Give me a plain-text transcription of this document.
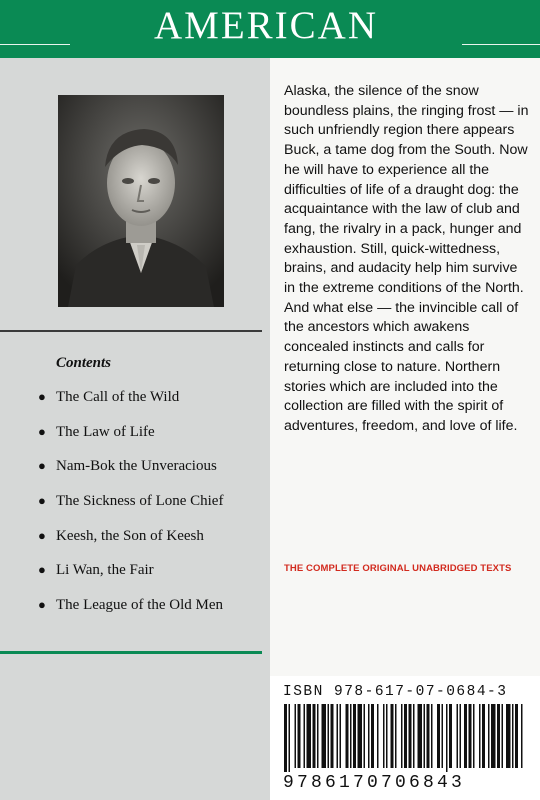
AMERICAN
Contents
● The Call of the Wild
● The Law of Life
● Nam-Bok the Unveracious
● The Sickness of Lone Chief
● Keesh, the Son of Keesh
● Li Wan, the Fair
● The League of the Old Men

Alaska, the silence of the snow boundless plains, the ringing frost — in such unfriendly region there appears Buck, a tame dog from the South. Now he will have to experience all the difficulties of life of a draught dog: the acquaintance with the law of club and fang, the rivalry in a pack, hunger and exhaustion. Still, quick-wittedness, brains, and audacity help him survive in the extreme conditions of the North. And what else — the invincible call of the ancestors which awakens concealed instincts and calls for returning close to nature. Northern stories which are included into the collection are filled with the spirit of adventures, freedom, and love of life.

THE COMPLETE ORIGINAL UNABRIDGED TEXTS
ISBN 978-617-07-0684-3
9786170706843
